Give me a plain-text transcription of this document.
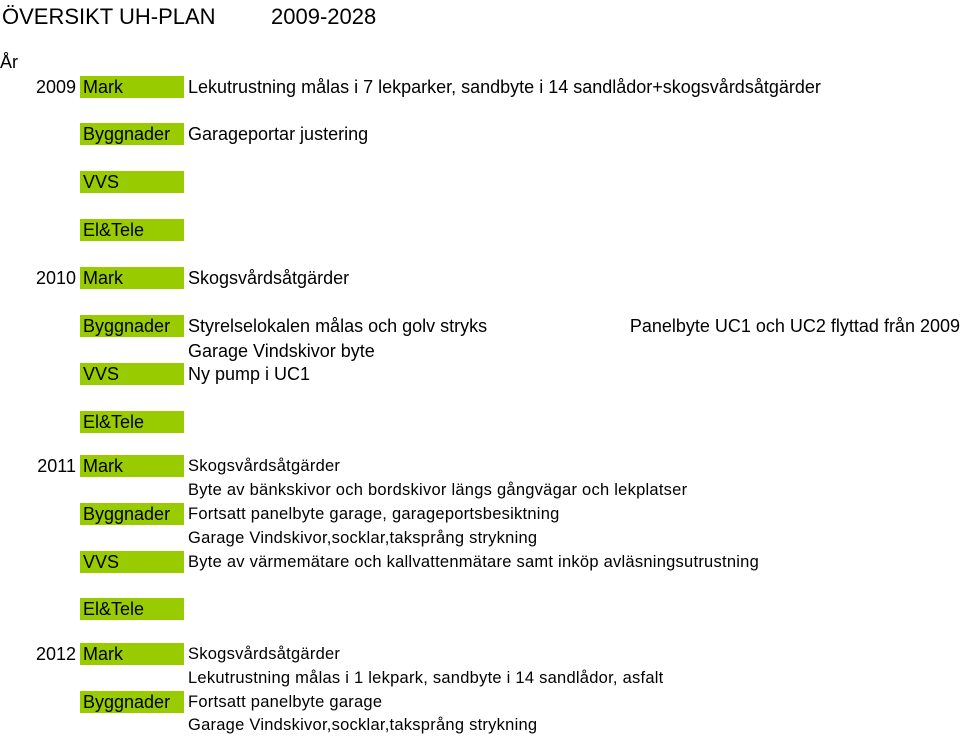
ÖVERSIKT UH-PLAN	2009-2028
År
2009 Mark	Lekutrustning målas i 7 lekparker, sandbyte i 14 sandlådor+skogsvårdsåtgärder
Byggnader Garageportar justering
VVS
El&Tele
2010 Mark	Skogsvårdsåtgärder
Byggnader Styrelselokalen målas och golv stryks	Panelbyte UC1 och UC2 flyttad från 2009
Garage Vindskivor byte
VVS	Ny pump i UC1
El&Tele
2011 Mark	Skogsvårdsåtgärder
Byte av bänkskivor och bordskivor längs gångvägar och lekplatser
Byggnader	Fortsatt panelbyte garage, garageportsbesiktning
Garage Vindskivor,socklar,taksprång strykning
VVS	Byte av värmemätare och kallvattenmätare samt inköp avläsningsutrustning
El&Tele
2012 Mark	Skogsvårdsåtgärder
Lekutrustning målas i 1 lekpark, sandbyte i 14 sandlådor, asfalt
Byggnader	Fortsatt panelbyte garage
Garage Vindskivor,socklar,taksprång strykning
